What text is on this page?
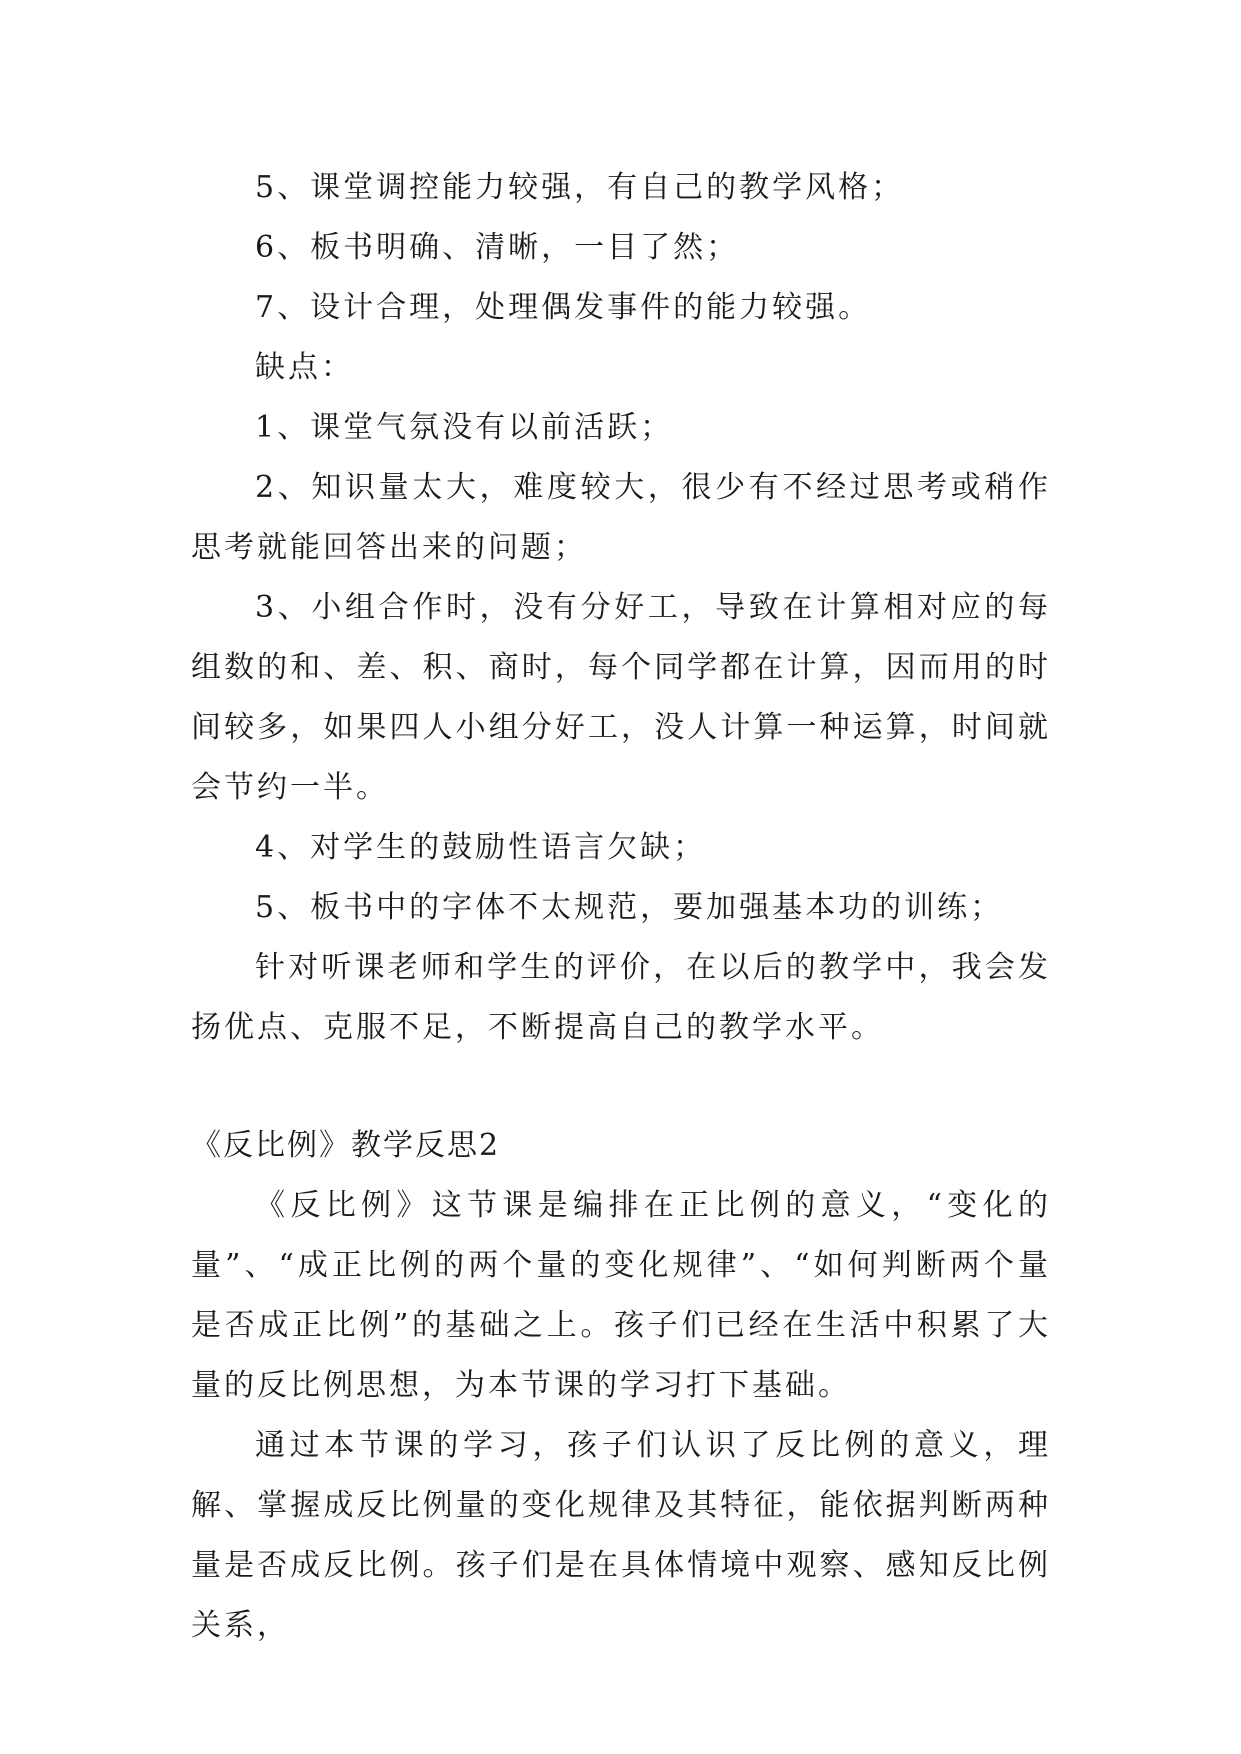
5、课堂调控能力较强，有自己的教学风格；

6、板书明确、清晰，一目了然；

7、设计合理，处理偶发事件的能力较强。

缺点：

1、课堂气氛没有以前活跃；

2、知识量太大，难度较大，很少有不经过思考或稍作思考就能回答出来的问题；

3、小组合作时，没有分好工，导致在计算相对应的每组数的和、差、积、商时，每个同学都在计算，因而用的时间较多，如果四人小组分好工，没人计算一种运算，时间就会节约一半。

4、对学生的鼓励性语言欠缺；

5、板书中的字体不太规范，要加强基本功的训练；

针对听课老师和学生的评价，在以后的教学中，我会发扬优点、克服不足，不断提高自己的教学水平。

《反比例》教学反思2

《反比例》这节课是编排在正比例的意义，“变化的量”、“成正比例的两个量的变化规律”、“如何判断两个量是否成正比例”的基础之上。孩子们已经在生活中积累了大量的反比例思想，为本节课的学习打下基础。

通过本节课的学习，孩子们认识了反比例的意义，理解、掌握成反比例量的变化规律及其特征，能依据判断两种量是否成反比例。孩子们是在具体情境中观察、感知反比例关系，
